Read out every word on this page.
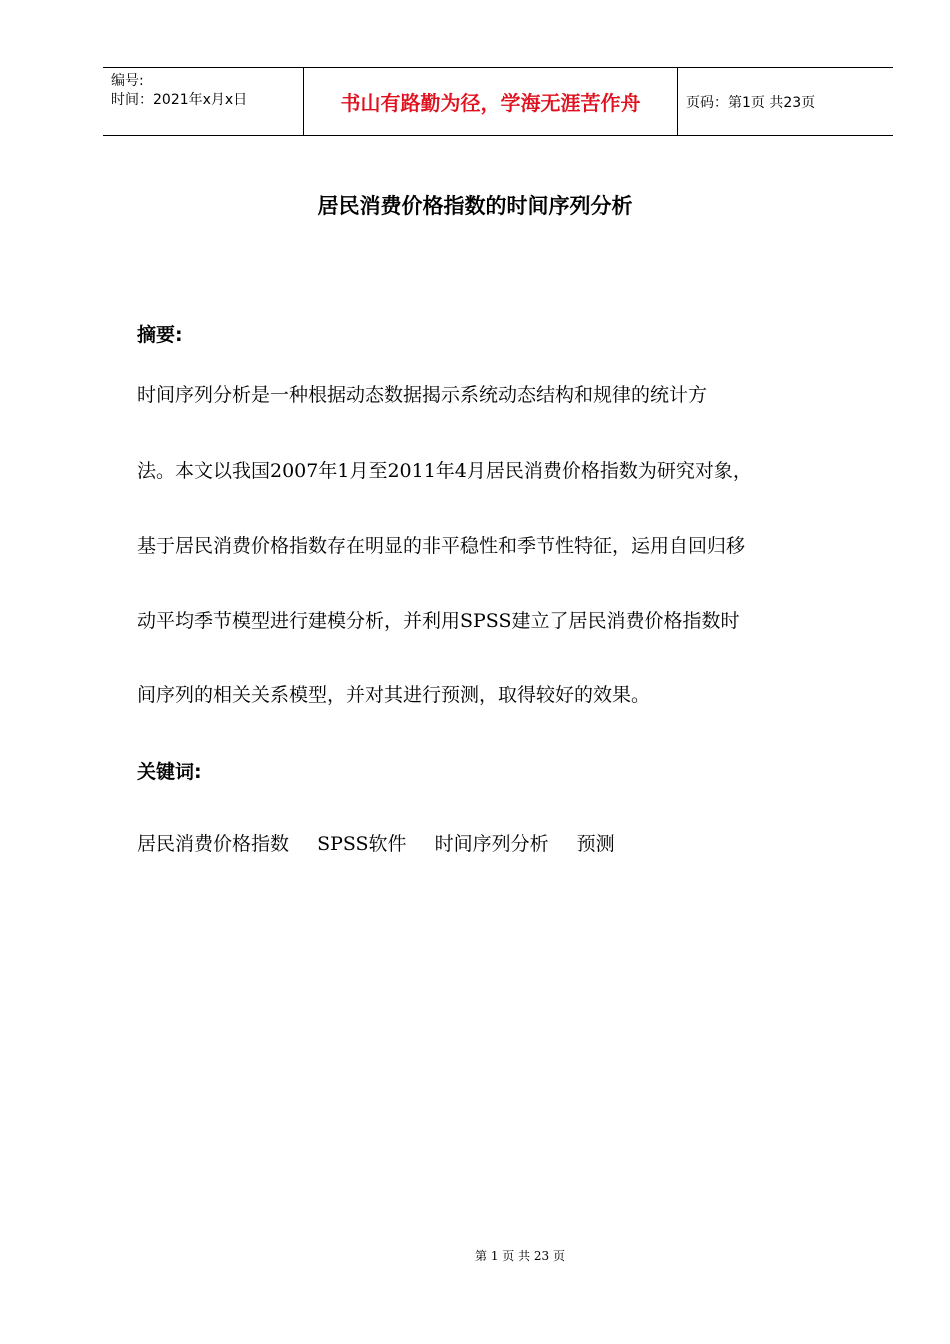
编号:
时间：2021年x月x日	书山有路勤为径，学海无涯苦作舟	页码：第1页 共23页
居民消费价格指数的时间序列分析
摘要:
时间序列分析是一种根据动态数据揭示系统动态结构和规律的统计方
法。本文以我国2007年1月至2011年4月居民消费价格指数为研究对象，
基于居民消费价格指数存在明显的非平稳性和季节性特征，运用自回归移
动平均季节模型进行建模分析，并利用SPSS建立了居民消费价格指数时
间序列的相关关系模型，并对其进行预测，取得较好的效果。
关键词:
居民消费价格指数 SPSS软件 时间序列分析 预测
第 1 页 共 23 页
